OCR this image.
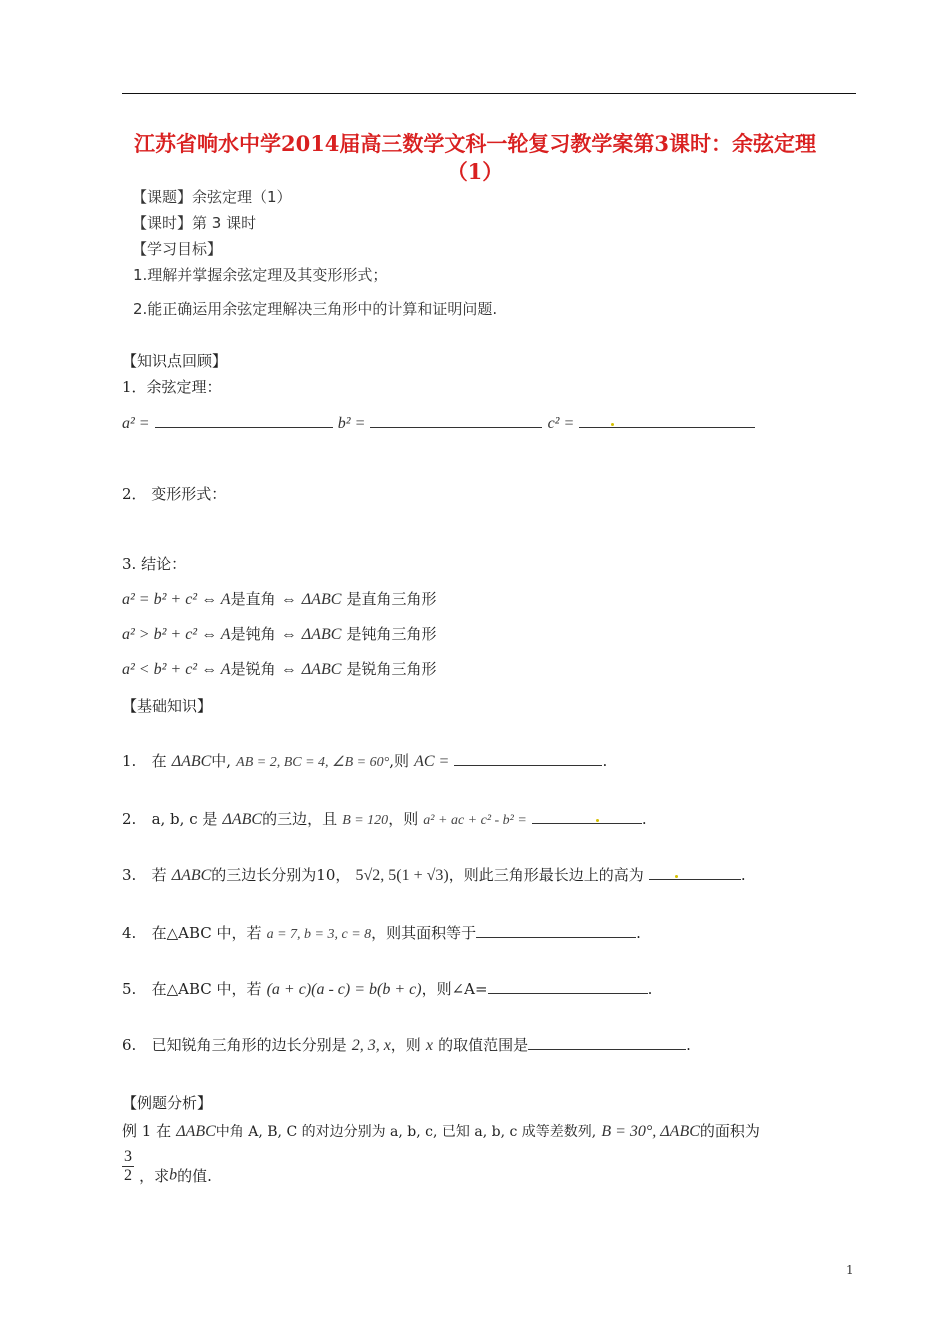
江苏省响水中学2014届高三数学文科一轮复习教学案第3课时：余弦定理
（1）
【课题】余弦定理（1）
【课时】第 3 课时
【学习目标】
1.理解并掌握余弦定理及其变形形式；
2.能正确运用余弦定理解决三角形中的计算和证明问题.
【知识点回顾】
1．余弦定理：
a² =	b² =	c² =
2． 变形形式：
3. 结论：
a² = b² + c² ⇔ A是直角 ⇔ ΔABC 是直角三角形
a² > b² + c² ⇔ A是钝角 ⇔ ΔABC 是钝角三角形
a² < b² + c² ⇔ A是锐角 ⇔ ΔABC 是锐角三角形
【基础知识】
1. 在 ΔABC中, AB = 2, BC = 4, ∠B = 60°,则 AC =	.
2. a, b, c 是 ΔABC的三边，且 B = 120，则 a² + ac + c² - b² =	.
3. 若 ΔABC的三边长分别为10， 5√2, 5(1 + √3)，则此三角形最长边上的高为	.
4. 在△ABC 中，若 a = 7, b = 3, c = 8，则其面积等于	.
5. 在△ABC 中，若 (a + c)(a - c) = b(b + c)，则∠A=	.
6. 已知锐角三角形的边长分别是 2, 3, x，则 x 的取值范围是	.
【例题分析】
例 1 在 ΔABC中角 A, B, C 的对边分别为 a, b, c, 已知 a, b, c 成等差数列, B = 30°, ΔABC的面积为
$\frac{3}{2}$ ，求b的值.
1
